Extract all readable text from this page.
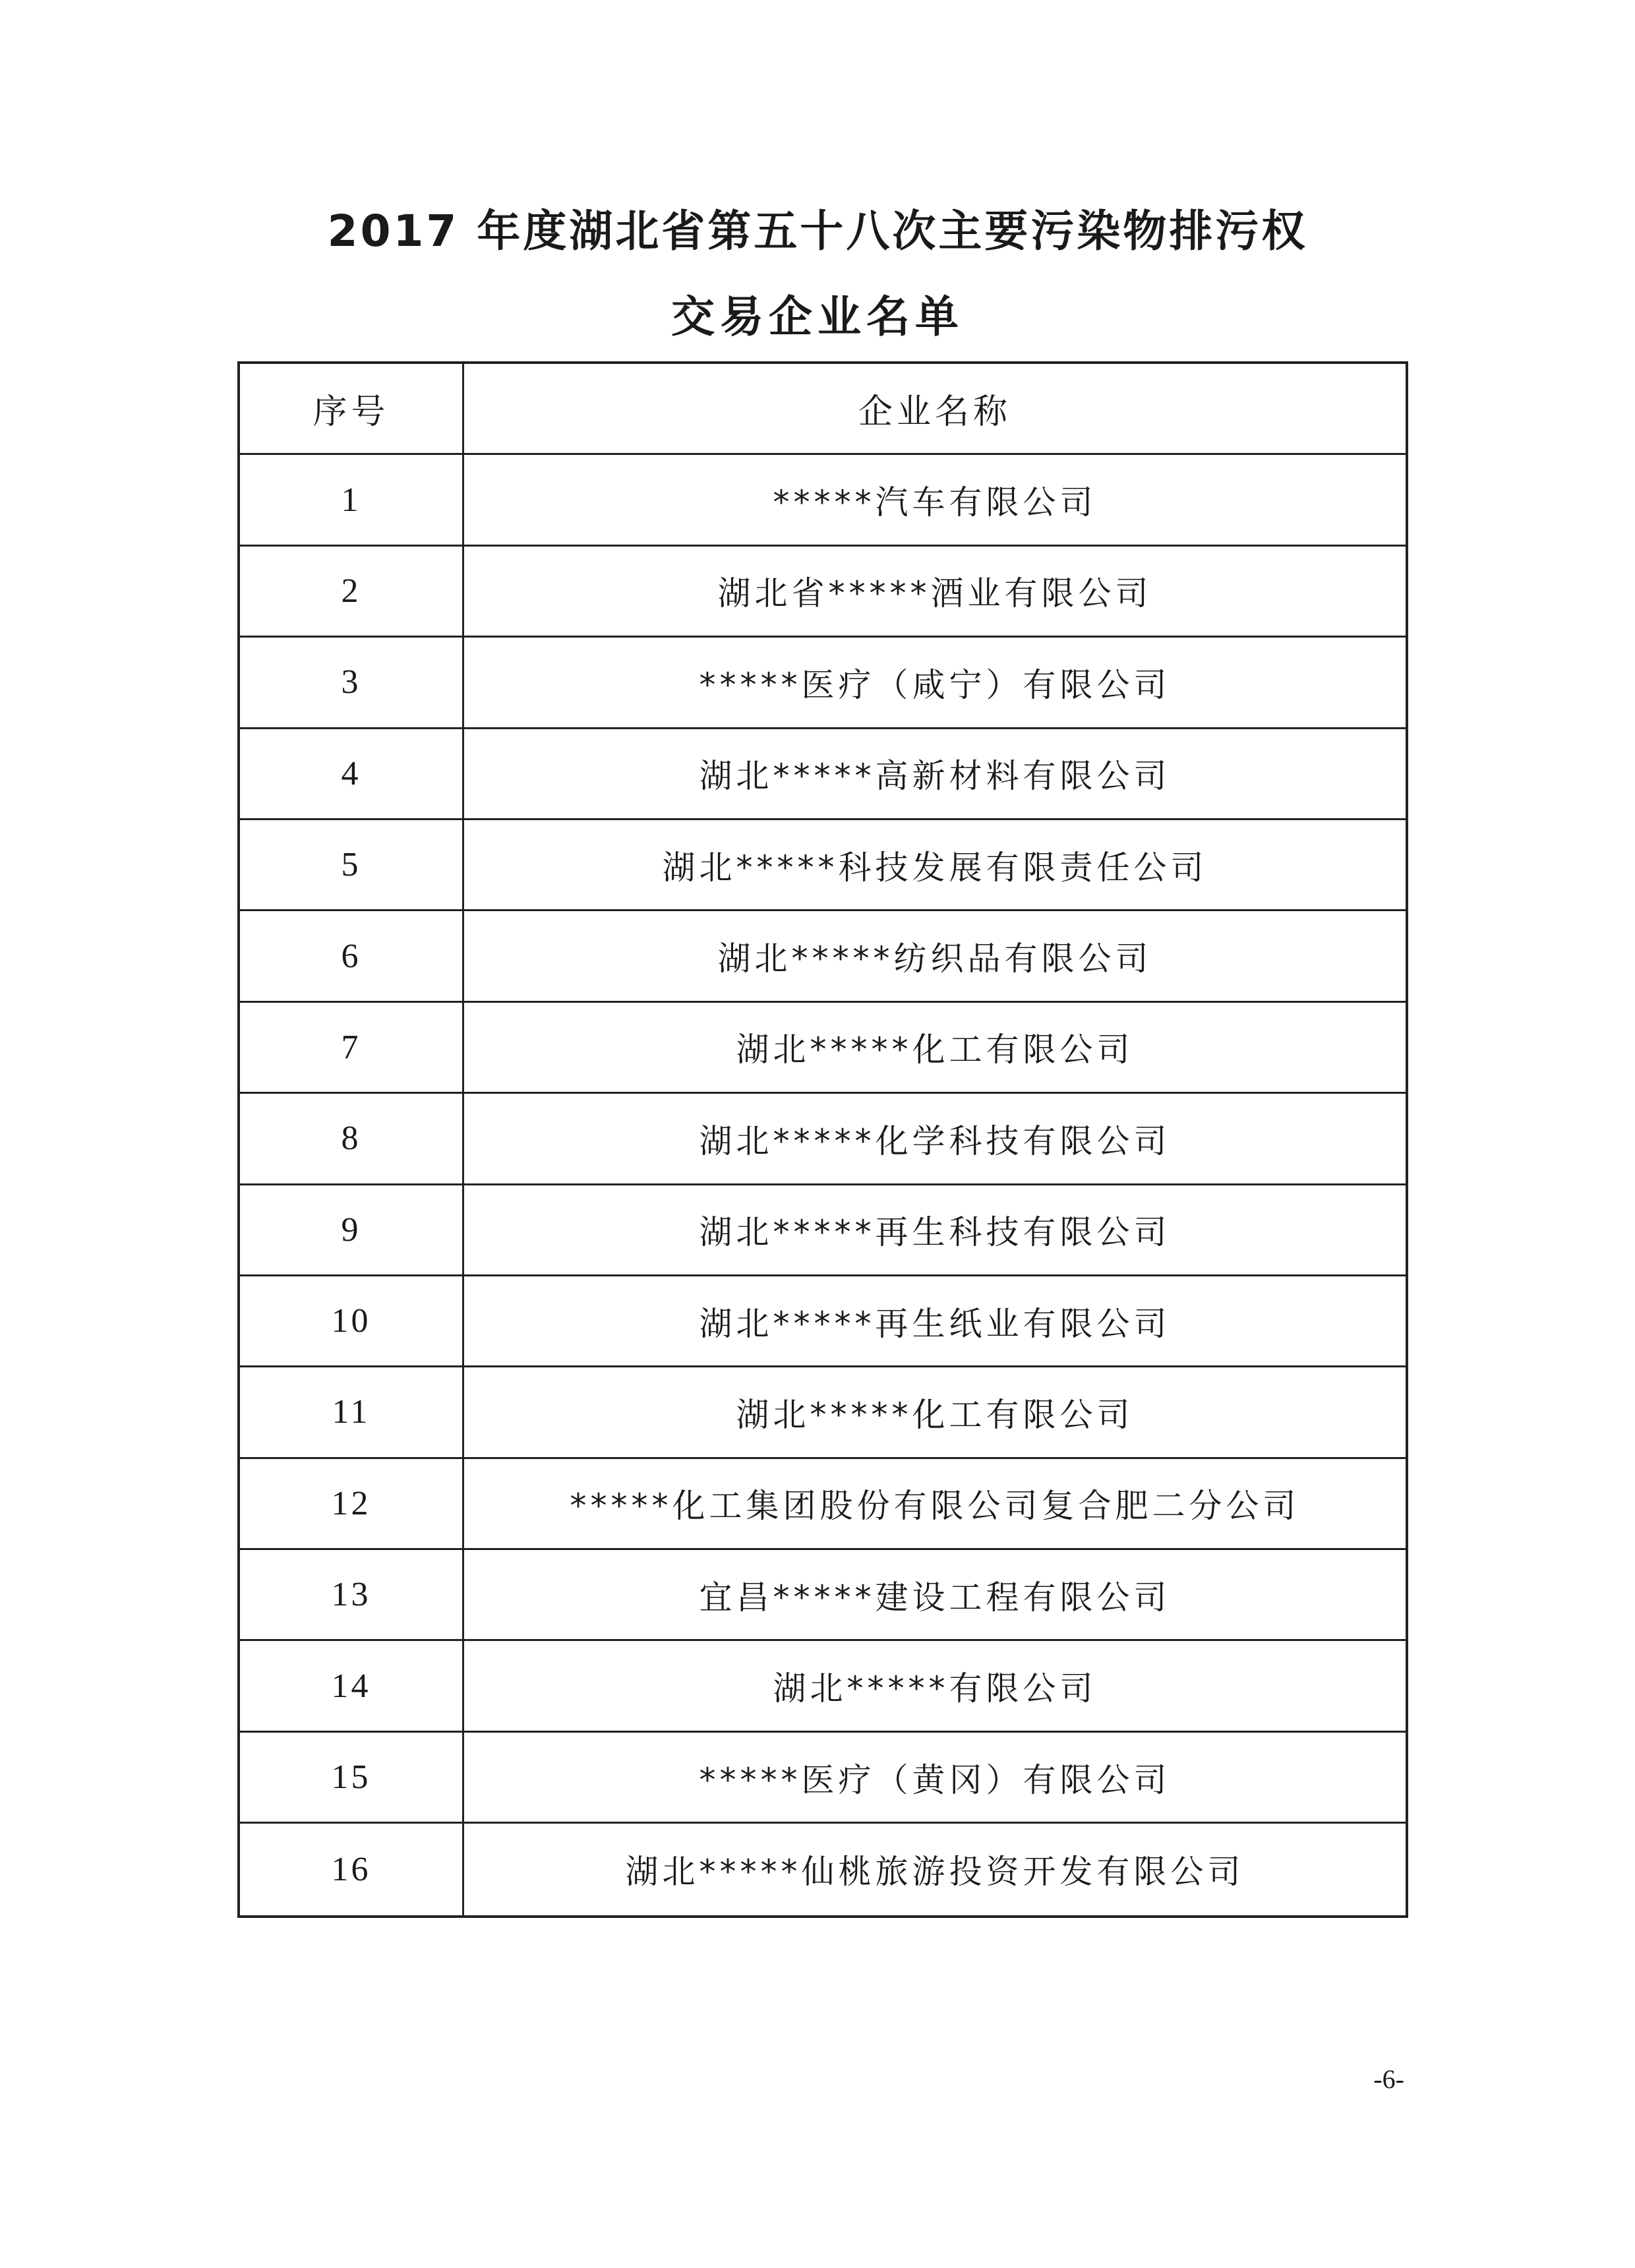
2017 年度湖北省第五十八次主要污染物排污权
交易企业名单
序号	企业名称
1	*****汽车有限公司
2	湖北省*****酒业有限公司
3	*****医疗（咸宁）有限公司
4	湖北*****高新材料有限公司
5	湖北*****科技发展有限责任公司
6	湖北*****纺织品有限公司
7	湖北*****化工有限公司
8	湖北*****化学科技有限公司
9	湖北*****再生科技有限公司
10	湖北*****再生纸业有限公司
11	湖北*****化工有限公司
12	*****化工集团股份有限公司复合肥二分公司
13	宜昌*****建设工程有限公司
14	湖北*****有限公司
15	*****医疗（黄冈）有限公司
16	湖北*****仙桃旅游投资开发有限公司
-6-
